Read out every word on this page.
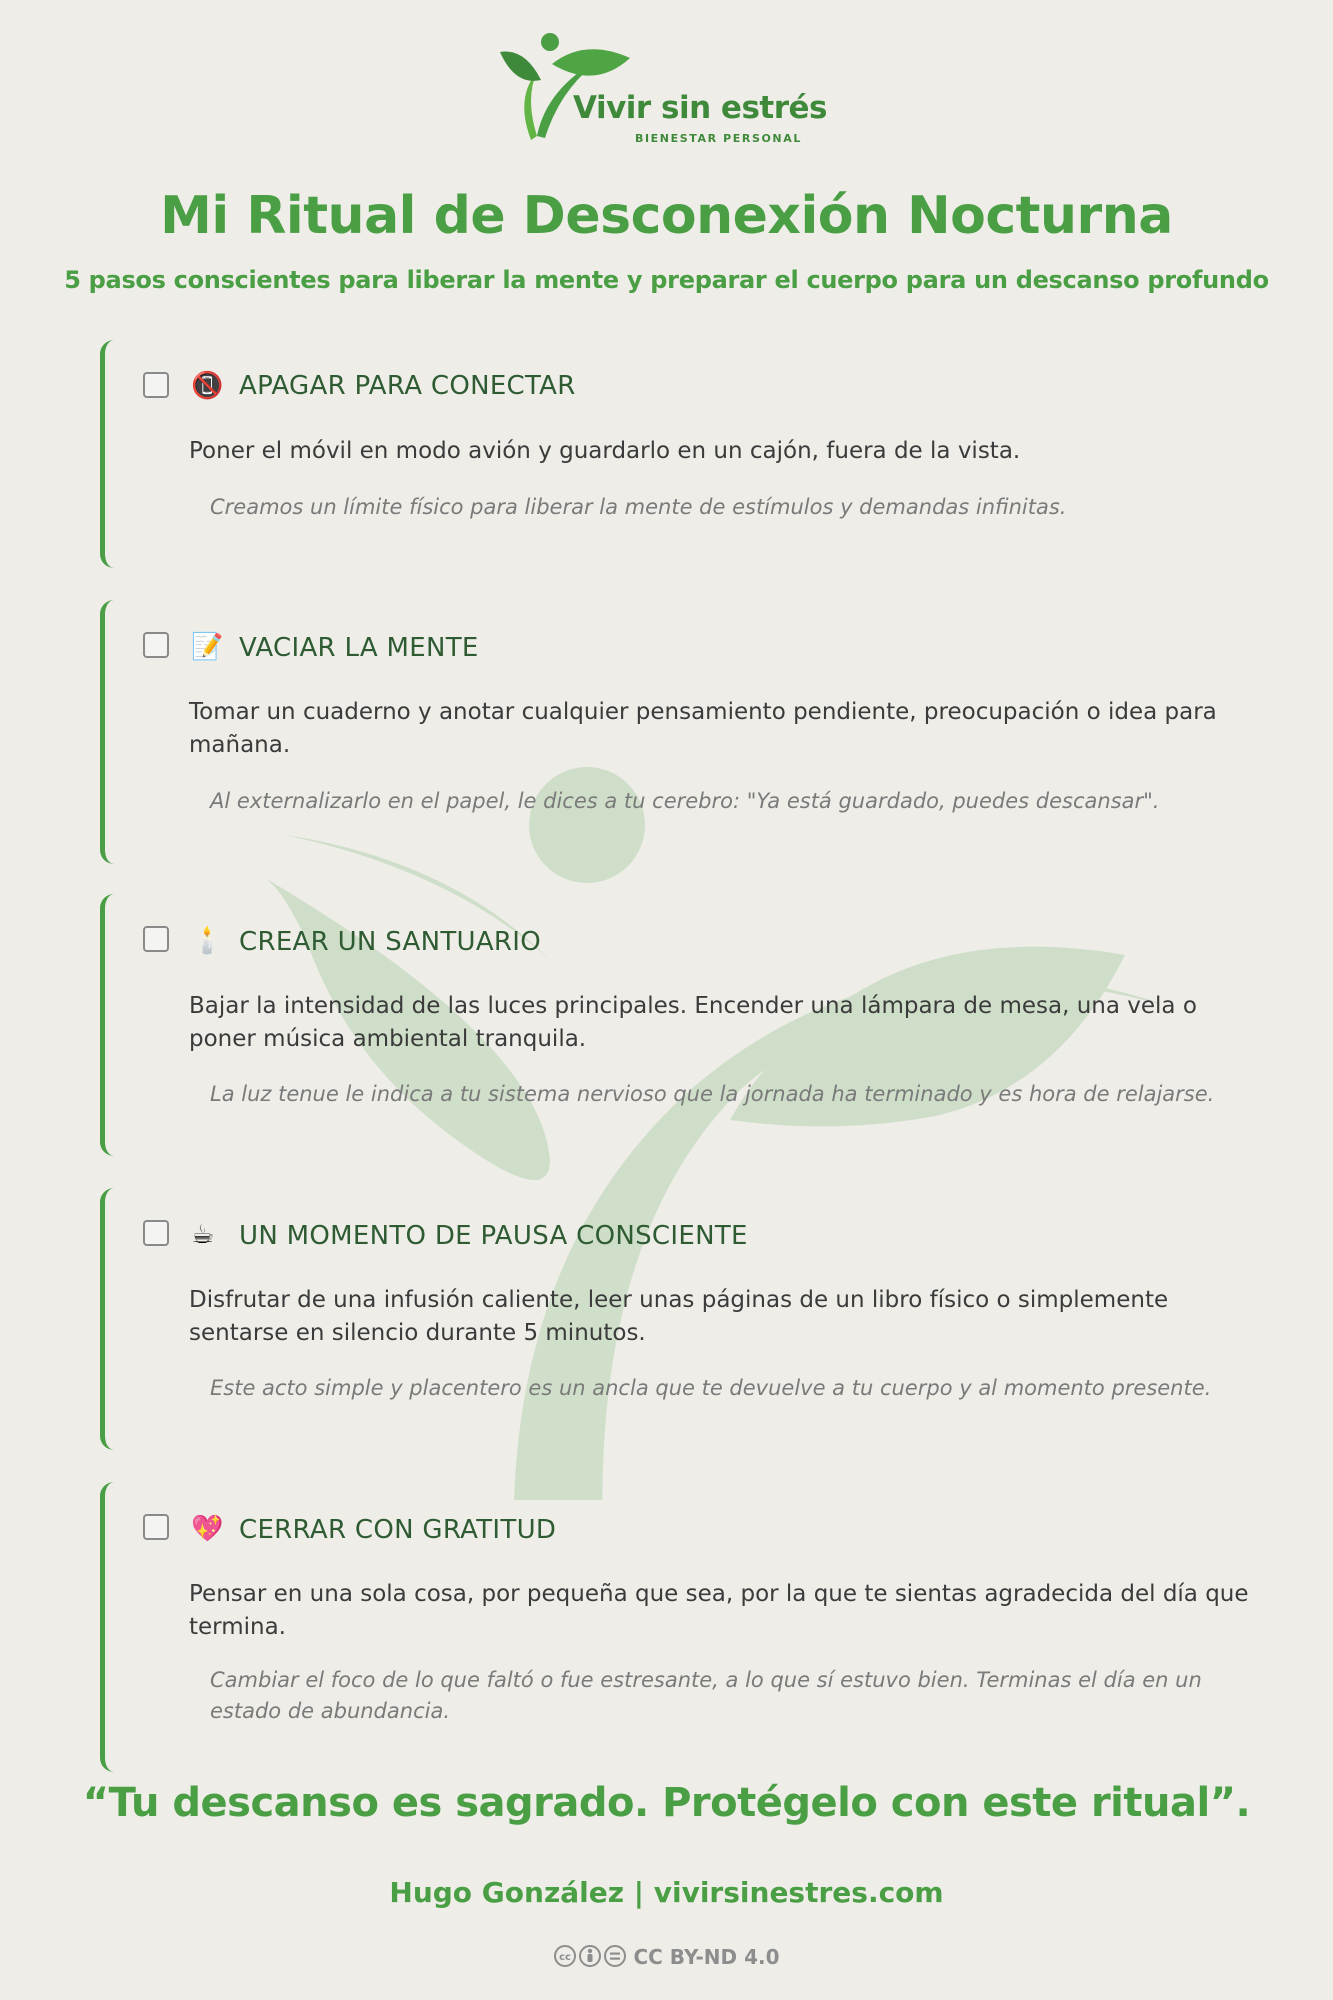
Vivir sin estrés
BIENESTAR PERSONAL
Mi Ritual de Desconexión Nocturna
5 pasos conscientes para liberar la mente y preparar el cuerpo para un descanso profundo
📵 APAGAR PARA CONECTAR
Poner el móvil en modo avión y guardarlo en un cajón, fuera de la vista.
Creamos un límite físico para liberar la mente de estímulos y demandas infinitas.
📝 VACIAR LA MENTE
Tomar un cuaderno y anotar cualquier pensamiento pendiente, preocupación o idea para mañana.
Al externalizarlo en el papel, le dices a tu cerebro: "Ya está guardado, puedes descansar".
🕯️ CREAR UN SANTUARIO
Bajar la intensidad de las luces principales. Encender una lámpara de mesa, una vela o poner música ambiental tranquila.
La luz tenue le indica a tu sistema nervioso que la jornada ha terminado y es hora de relajarse.
☕ UN MOMENTO DE PAUSA CONSCIENTE
Disfrutar de una infusión caliente, leer unas páginas de un libro físico o simplemente sentarse en silencio durante 5 minutos.
Este acto simple y placentero es un ancla que te devuelve a tu cuerpo y al momento presente.
💖 CERRAR CON GRATITUD
Pensar en una sola cosa, por pequeña que sea, por la que te sientas agradecida del día que termina.
Cambiar el foco de lo que faltó o fue estresante, a lo que sí estuvo bien. Terminas el día en un estado de abundancia.
“Tu descanso es sagrado. Protégelo con este ritual”.
Hugo González | vivirsinestres.com
cc	CC BY-ND 4.0
